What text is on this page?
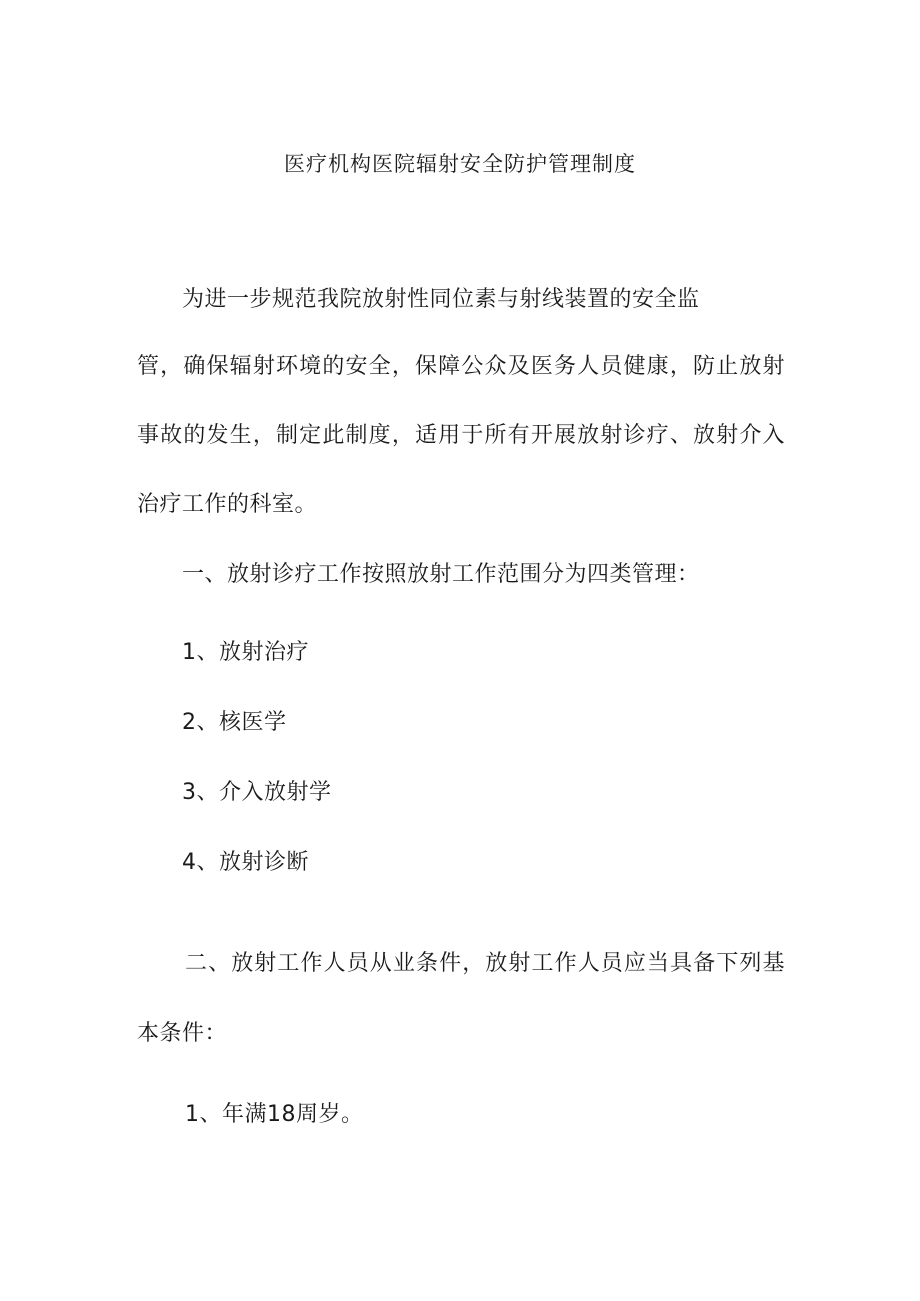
医疗机构医院辐射安全防护管理制度
为进一步规范我院放射性同位素与射线装置的安全监
管，确保辐射环境的安全，保障公众及医务人员健康，防止放射
事故的发生，制定此制度，适用于所有开展放射诊疗、放射介入
治疗工作的科室。
一、放射诊疗工作按照放射工作范围分为四类管理：
1、放射治疗
2、核医学
3、介入放射学
4、放射诊断
二、放射工作人员从业条件，放射工作人员应当具备下列基
本条件：
1、年满18周岁。
